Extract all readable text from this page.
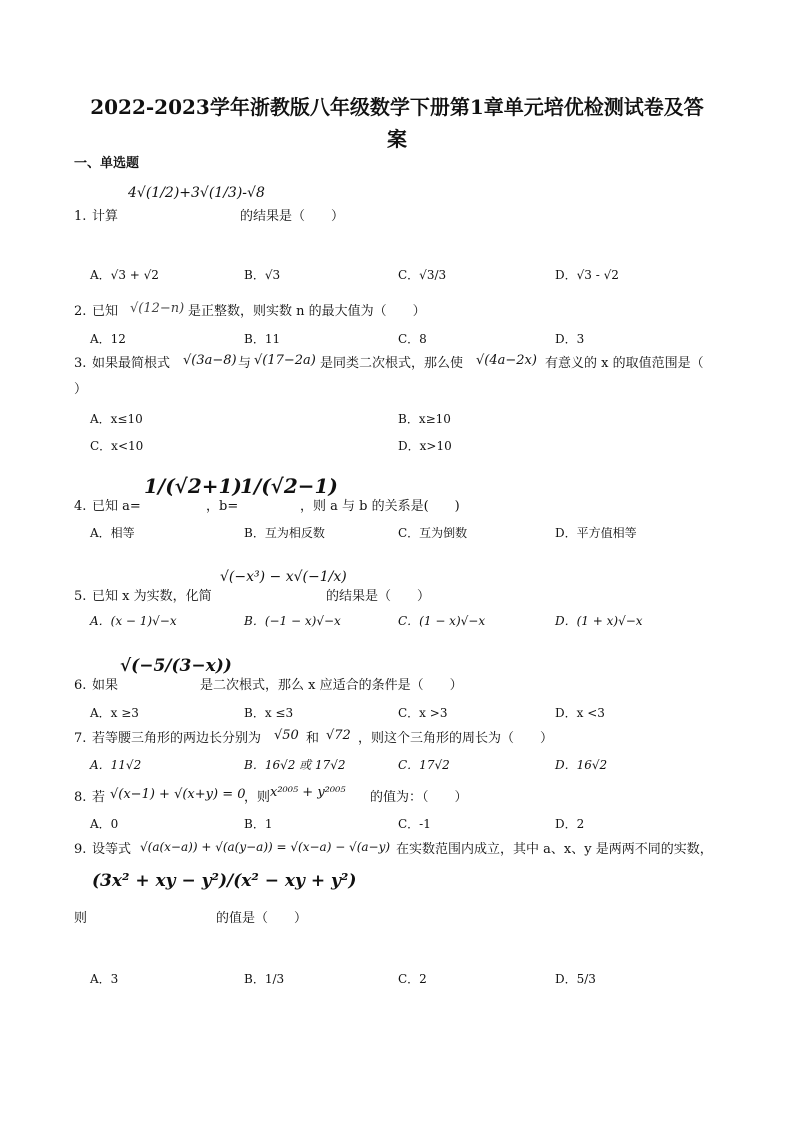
2022-2023学年浙教版八年级数学下册第1章单元培优检测试卷及答
案
一、单选题
1. 计算
4√(1/2)+3√(1/3)-√8
的结果是（　　）
A．√3 + √2	B．√3	C．√3/3	D．√3 - √2
2. 已知 √(12−n) 是正整数，则实数 n 的最大值为（　　）
A．12	B．11	C．8	D．3
3. 如果最简根式 √(3a−8) 与 √(17−2a) 是同类二次根式，那么使 √(4a−2x) 有意义的 x 的取值范围是（
）
A．x≤10	B．x≥10
C．x<10	D．x>10
4. 已知 a=
1/(√2+1)
，b=
1/(√2−1)
，则 a 与 b 的关系是(　　)
A．相等	B．互为相反数	C．互为倒数	D．平方值相等
5. 已知 x 为实数，化简
√(−x³) − x√(−1/x)
的结果是（　　）
A．(x − 1)√−x	B．(−1 − x)√−x	C．(1 − x)√−x	D．(1 + x)√−x
6. 如果
√(−5/(3−x))
是二次根式，那么 x 应适合的条件是（　　）
A．x ≥3	B．x ≤3	C．x >3	D．x <3
7. 若等腰三角形的两边长分别为 √50 和 √72 ，则这个三角形的周长为（　　）
A．11√2	B．16√2 或 17√2	C．17√2	D．16√2
8. 若 √(x−1) + √(x+y) = 0
，则 x²⁰⁰⁵ + y²⁰⁰⁵ 的值为：（　　）
A．0	B．1	C．-1	D．2
9. 设等式 √(a(x−a)) + √(a(y−a)) = √(x−a) − √(a−y) 在实数范围内成立，其中 a、x、y 是两两不同的实数，
(3x² + xy − y²)/(x² − xy + y²)
则	的值是（　　）
A．3	B．1/3	C．2	D．5/3
